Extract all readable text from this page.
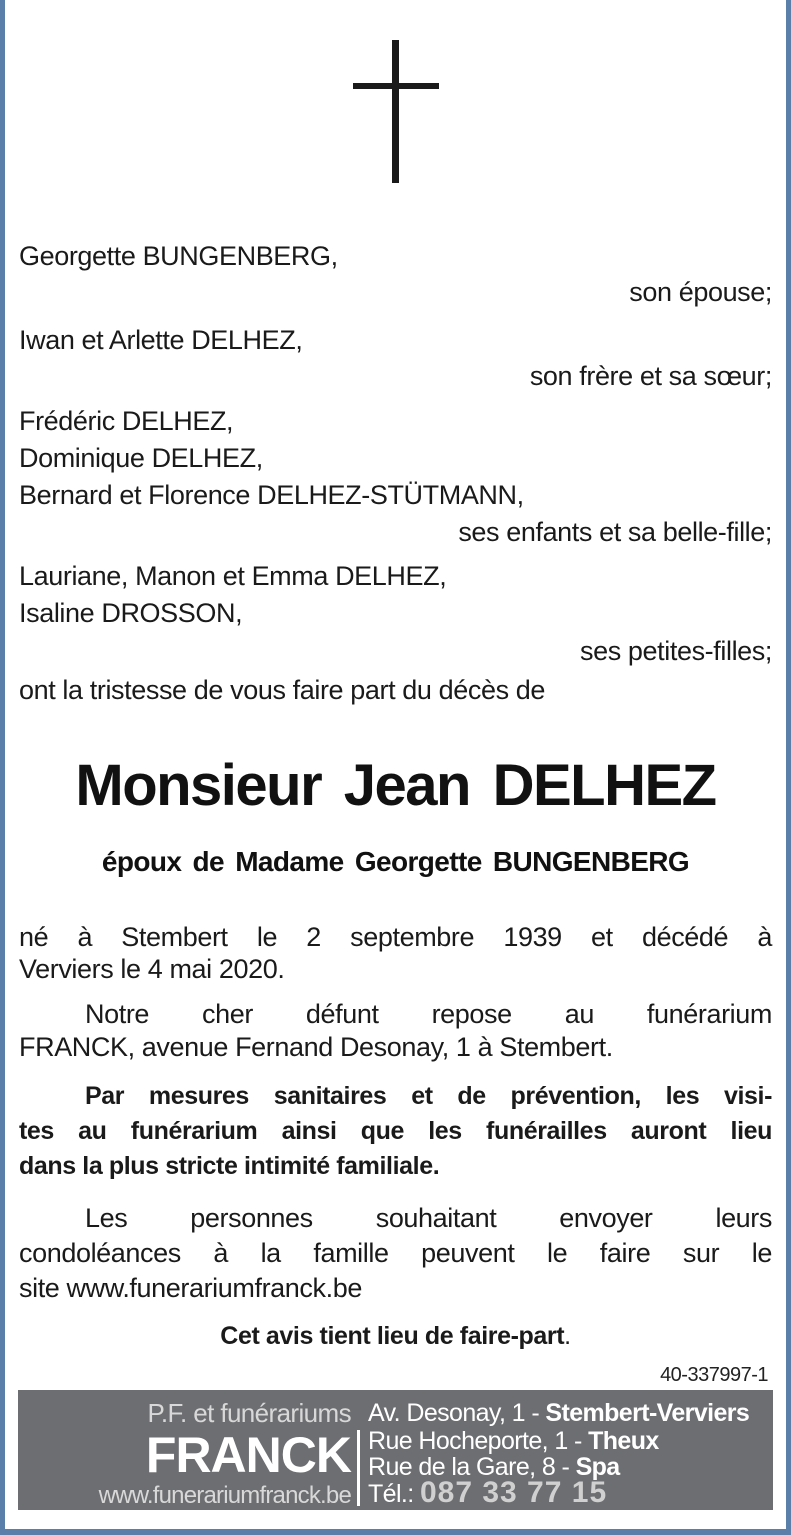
Georgette BUNGENBERG,
son épouse;
Iwan et Arlette DELHEZ,
son frère et sa sœur;
Frédéric DELHEZ,
Dominique DELHEZ,
Bernard et Florence DELHEZ-STÜTMANN,
ses enfants et sa belle-fille;
Lauriane, Manon et Emma DELHEZ,
Isaline DROSSON,
ses petites-filles;
ont la tristesse de vous faire part du décès de
Monsieur Jean DELHEZ
époux de Madame Georgette BUNGENBERG
né à Stembert le 2 septembre 1939 et décédé à
Verviers le 4 mai 2020.
Notre cher défunt repose au funérarium
FRANCK, avenue Fernand Desonay, 1 à Stembert.
Par mesures sanitaires et de prévention, les visi-
tes au funérarium ainsi que les funérailles auront lieu
dans la plus stricte intimité familiale.
Les personnes souhaitant envoyer leurs
condoléances à la famille peuvent le faire sur le
site www.funerariumfranck.be
Cet avis tient lieu de faire-part.
40-337997-1
P.F. et funérariums
FRANCK
www.funerariumfranck.be
Av. Desonay, 1 - Stembert-Verviers
Rue Hocheporte, 1 - Theux
Rue de la Gare, 8 - Spa
Tél.: 087 33 77 15
